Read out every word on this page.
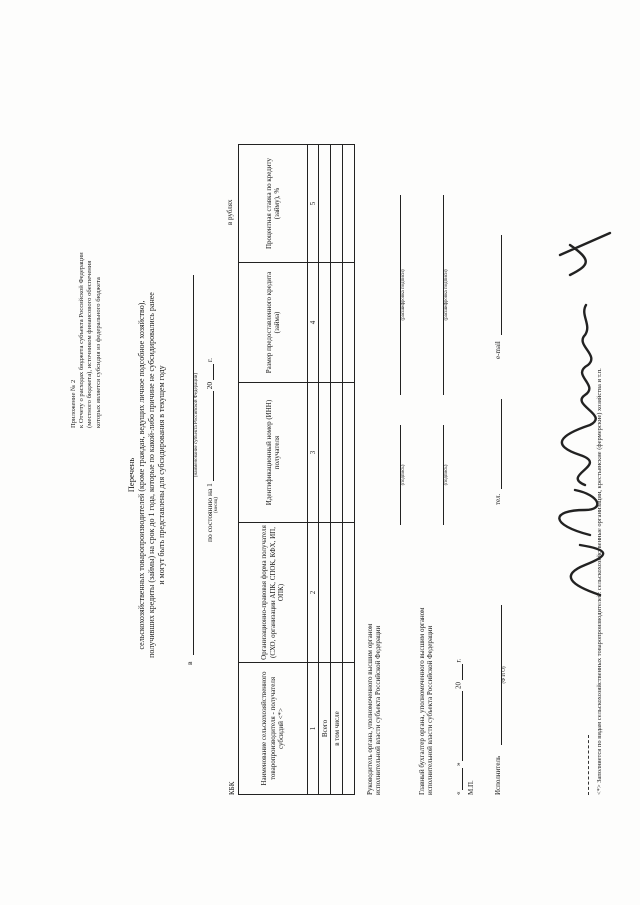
Приложение № 2 к Отчету о расходах бюджета субъекта Российской Федерации (местного бюджета), источником финансового обеспечения которых является субсидия из федерального бюджета
Перечень сельскохозяйственных товаропроизводителей (кроме граждан, ведущих личное подсобное хозяйство), получивших кредиты (займы) на срок до 1 года, которые по какой-либо причине не субсидировались ранее и могут быть представлены для субсидирования в текущем году
в
(наименование субъекта Российской Федерации)
по состоянию на 1  20  г.
(месяц)
в рублях
КБК
Наименование сельскохозяйственного товаропроизводителя - получателя субсидий <*>	Организационно-правовая форма получателя (СХО, организации АПК, СПОК, КФХ, ИП, ОПК)	Идентификационный номер (ИНН) получателя	Размер предоставленного кредита (займа)	Процентная ставка по кредиту (займу), %
1	2	3	4	5
Всего				
в том числе				
					Руководитель органа, уполномоченного высшим органом исполнительной власти субъекта Российской Федерации
(подпись)
(расшифровка подписи)
Главный бухгалтер органа, уполномоченного высшим органом исполнительной власти субъекта Российской Федерации
(подпись)
(расшифровка подписи)
«  »  20  г.
М.П.	Исполнитель
(Ф И О)
тел.
e-mail
<*> Заполняется по видам сельскохозяйственных товаропроизводителей: сельскохозяйственные организации, крестьянские (фермерские) хозяйства и т.п.
